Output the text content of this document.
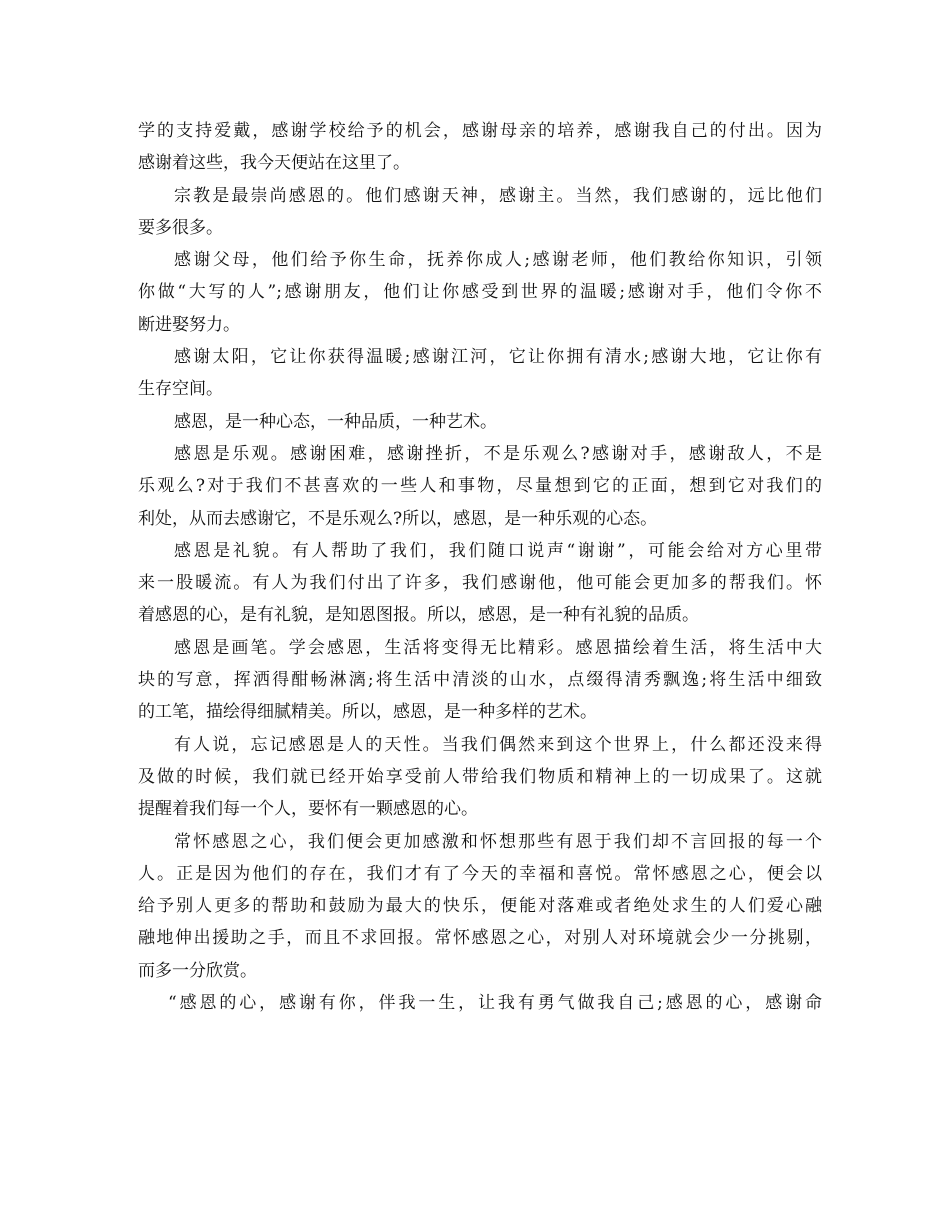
学的支持爱戴，感谢学校给予的机会，感谢母亲的培养，感谢我自己的付出。因为
感谢着这些，我今天便站在这里了。
宗教是最崇尚感恩的。他们感谢天神，感谢主。当然，我们感谢的，远比他们
要多很多。
感谢父母，他们给予你生命，抚养你成人;感谢老师，他们教给你知识，引领
你做“大写的人”;感谢朋友，他们让你感受到世界的温暖;感谢对手，他们令你不
断进娶努力。
感谢太阳，它让你获得温暖;感谢江河，它让你拥有清水;感谢大地，它让你有
生存空间。
感恩，是一种心态，一种品质，一种艺术。
感恩是乐观。感谢困难，感谢挫折，不是乐观么?感谢对手，感谢敌人，不是
乐观么?对于我们不甚喜欢的一些人和事物，尽量想到它的正面，想到它对我们的
利处，从而去感谢它，不是乐观么?所以，感恩，是一种乐观的心态。
感恩是礼貌。有人帮助了我们，我们随口说声“谢谢”，可能会给对方心里带
来一股暖流。有人为我们付出了许多，我们感谢他，他可能会更加多的帮我们。怀
着感恩的心，是有礼貌，是知恩图报。所以，感恩，是一种有礼貌的品质。
感恩是画笔。学会感恩，生活将变得无比精彩。感恩描绘着生活，将生活中大
块的写意，挥洒得酣畅淋漓;将生活中清淡的山水，点缀得清秀飘逸;将生活中细致
的工笔，描绘得细腻精美。所以，感恩，是一种多样的艺术。
有人说，忘记感恩是人的天性。当我们偶然来到这个世界上，什么都还没来得
及做的时候，我们就已经开始享受前人带给我们物质和精神上的一切成果了。这就
提醒着我们每一个人，要怀有一颗感恩的心。
常怀感恩之心，我们便会更加感激和怀想那些有恩于我们却不言回报的每一个
人。正是因为他们的存在，我们才有了今天的幸福和喜悦。常怀感恩之心，便会以
给予别人更多的帮助和鼓励为最大的快乐，便能对落难或者绝处求生的人们爱心融
融地伸出援助之手，而且不求回报。常怀感恩之心，对别人对环境就会少一分挑剔，
而多一分欣赏。
“感恩的心，感谢有你，伴我一生，让我有勇气做我自己;感恩的心，感谢命
